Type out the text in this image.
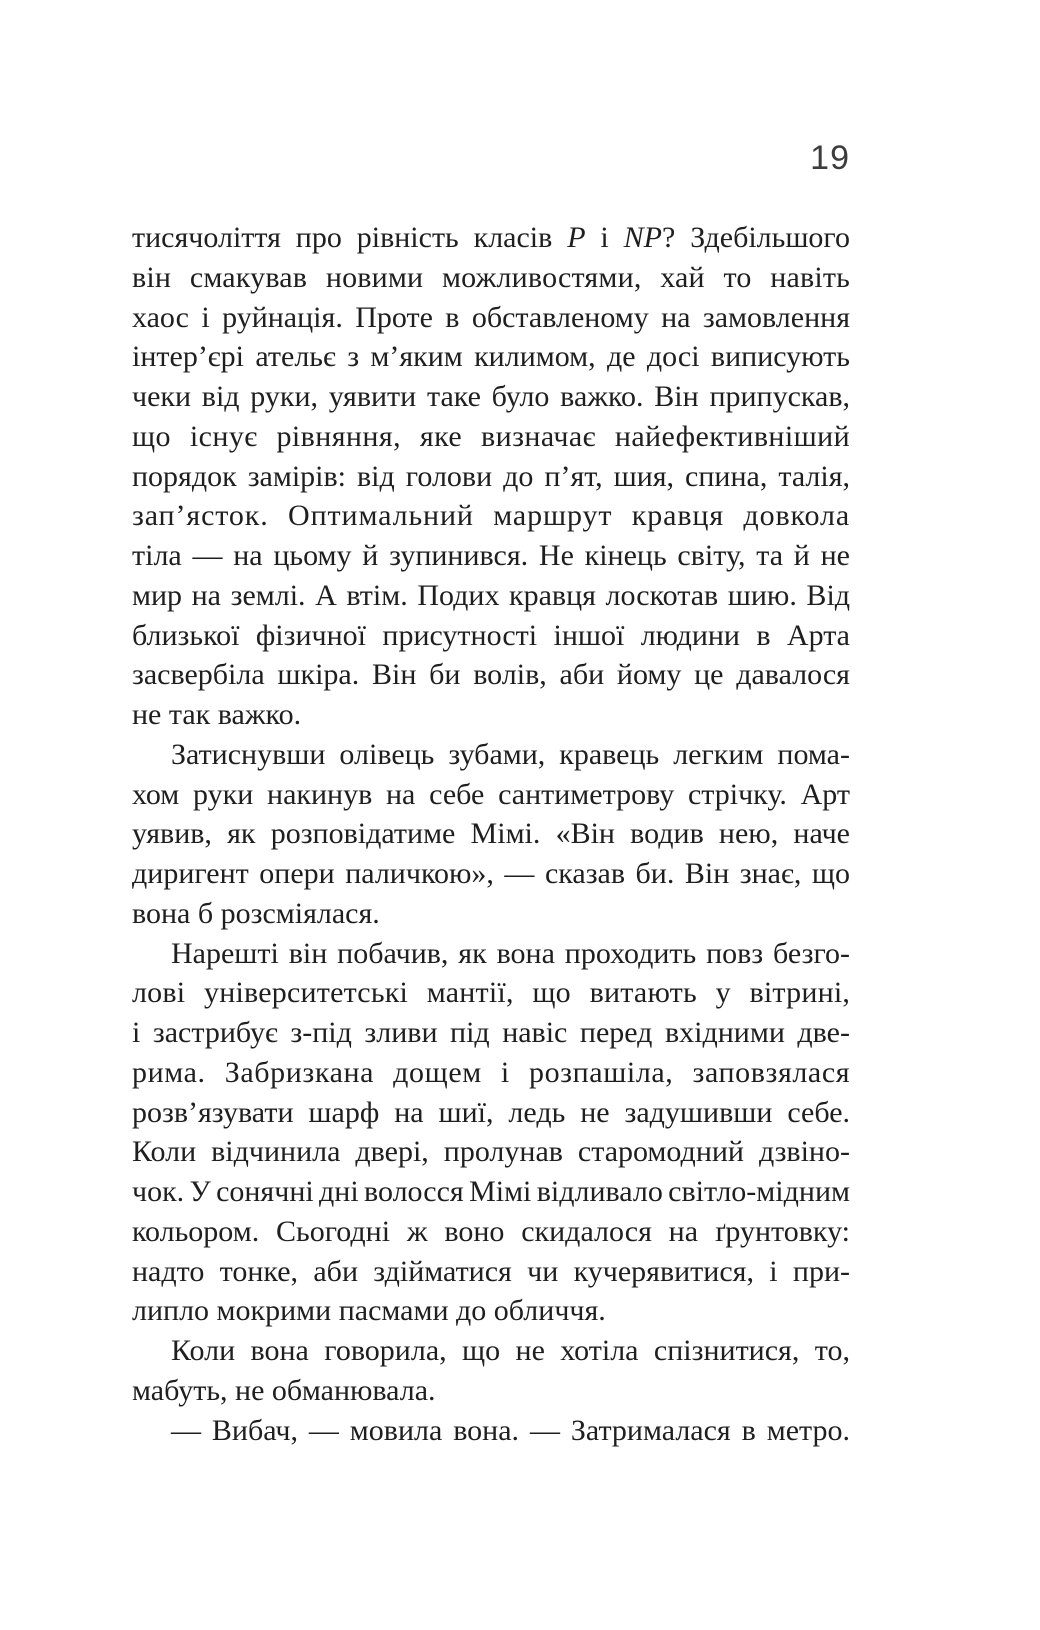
19
тисячоліття про рівність класів P і NP? Здебільшого
він смакував новими можливостями, хай то навіть
хаос і руйнація. Проте в обставленому на замовлення
інтер’єрі ательє з м’яким килимом, де досі виписують
чеки від руки, уявити таке було важко. Він припускав,
що існує рівняння, яке визначає найефективніший
порядок замірів: від голови до п’ят, шия, спина, талія,
зап’ясток. Оптимальний маршрут кравця довкола
тіла — на цьому й зупинився. Не кінець світу, та й не
мир на землі. А втім. Подих кравця лоскотав шию. Від
близької фізичної присутності іншої людини в Арта
засвербіла шкіра. Він би волів, аби йому це давалося
не так важко.
Затиснувши олівець зубами, кравець легким пома-
хом руки накинув на себе сантиметрову стрічку. Арт
уявив, як розповідатиме Мімі. «Він водив нею, наче
диригент опери паличкою», — сказав би. Він знає, що
вона б розсміялася.
Нарешті він побачив, як вона проходить повз безго-
лові університетські мантії, що витають у вітрині,
і застрибує з-під зливи під навіс перед вхідними две-
рима. Забризкана дощем і розпашіла, заповзялася
розв’язувати шарф на шиї, ледь не задушивши себе.
Коли відчинила двері, пролунав старомодний дзвіно-
чок. У сонячні дні волосся Мімі відливало світло-мідним
кольором. Сьогодні ж воно скидалося на ґрунтовку:
надто тонке, аби здійматися чи кучерявитися, і при-
липло мокрими пасмами до обличчя.
Коли вона говорила, що не хотіла спізнитися, то,
мабуть, не обманювала.
— Вибач, — мовила вона. — Затрималася в метро.
